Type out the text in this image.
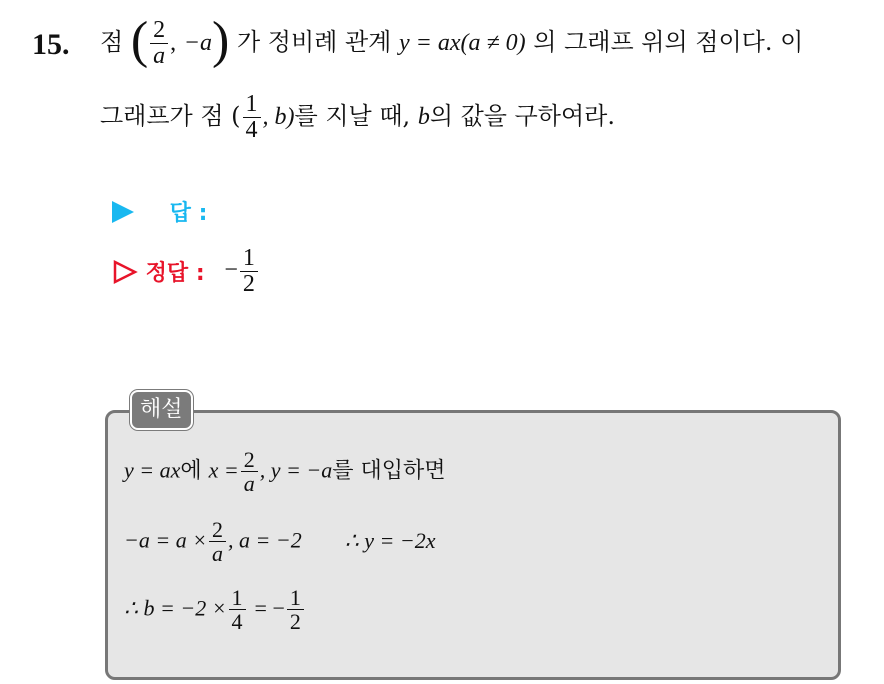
15. 점 ( $\frac{2}{a}$ , −a) 가 정비례 관계 y = ax(a ≠ 0) 의 그래프 위의 점이다. 이
그래프가 점 ( $\frac{1}{4}$ , b)를 지날 때, b의 값을 구하여라.
답 :
정답 : − $\frac{1}{2}$
해설
y = ax에 $x = \frac{2}{a}$ , y = −a를 대입하면
$-a = a \times \frac{2}{a}$ , a = −2 ∴ y = −2x
∴ $b = -2 \times \frac{1}{4}$ = − $\frac{1}{2}$
